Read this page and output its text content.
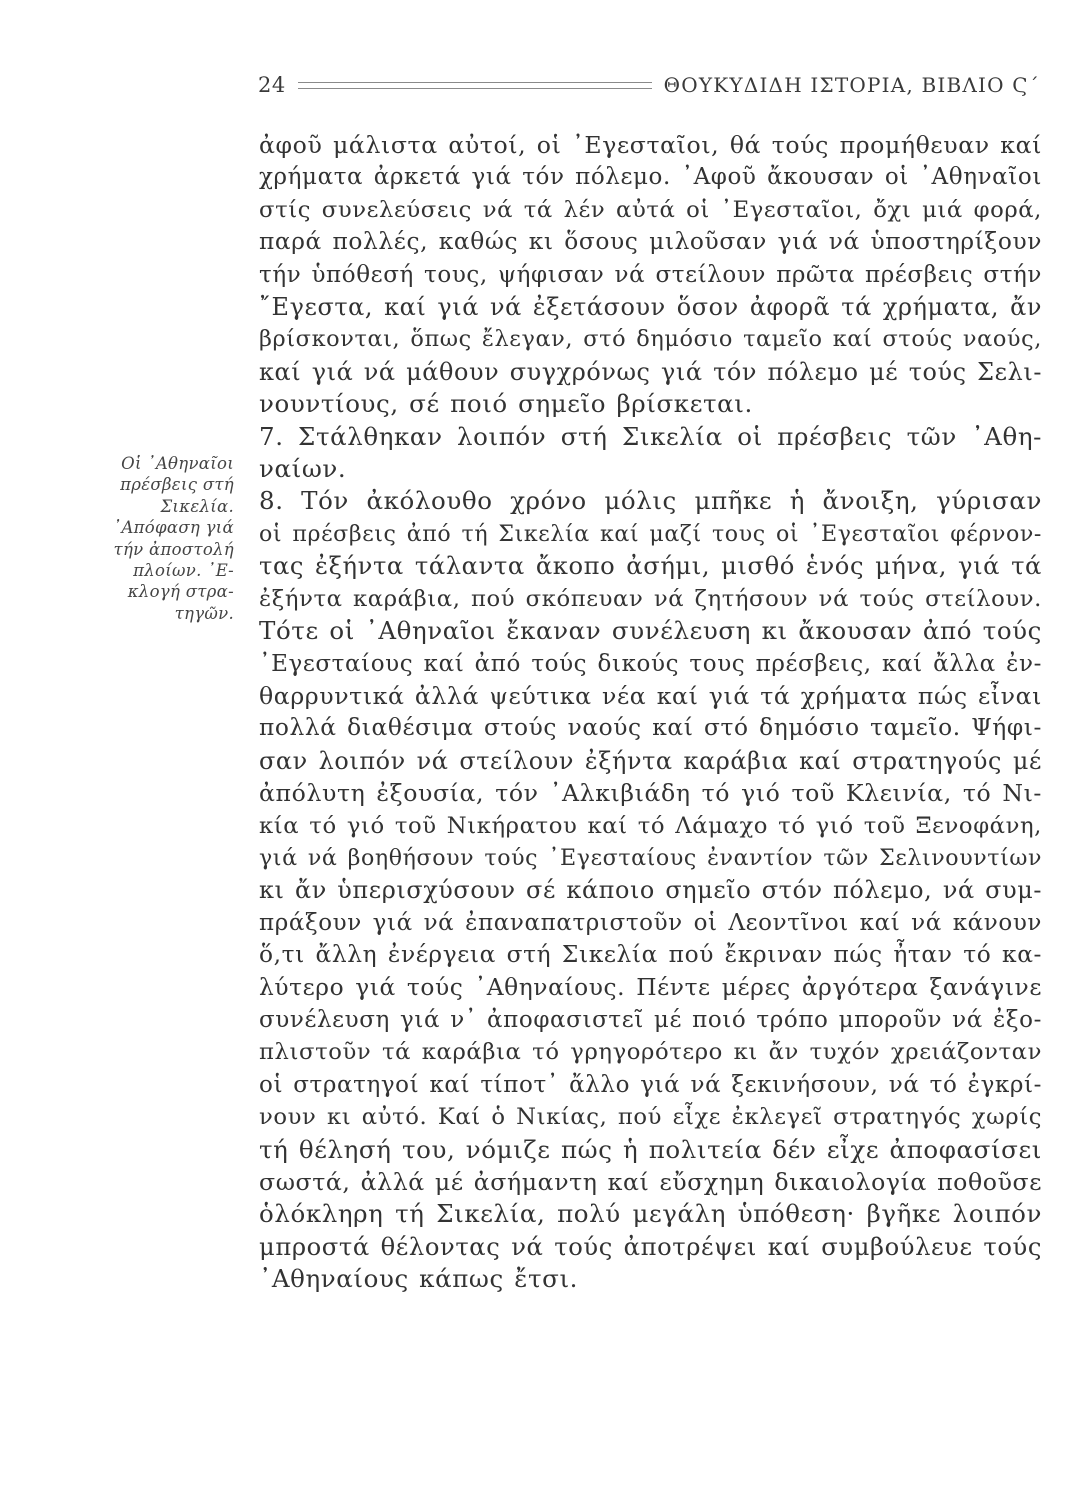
24	ΘΟΥΚΥΔΙΔΗ ΙΣΤΟΡΙΑ, ΒΙΒΛΙΟ Ϛ΄
Οἱ ᾿Αθηναῖοι
πρέσβεις στή
Σικελία.
᾿Απόφαση γιά
τήν ἀποστολή
πλοίων. ᾿Ε-
κλογή στρα-
τηγῶν.
ἀφοῦ μάλιστα αὐτοί, οἱ ᾿Εγεσταῖοι, θά τούς προμήθευαν καί
χρήματα ἀρκετά γιά τόν πόλεμο. ᾿Αφοῦ ἄκουσαν οἱ ᾿Αθηναῖοι
στίς συνελεύσεις νά τά λέν αὐτά οἱ ᾿Εγεσταῖοι, ὄχι μιά φορά,
παρά πολλές, καθώς κι ὅσους μιλοῦσαν γιά νά ὑποστηρίξουν
τήν ὑπόθεσή τους, ψήφισαν νά στείλουν πρῶτα πρέσβεις στήν
῎Εγεστα, καί γιά νά ἐξετάσουν ὅσον ἀφορᾶ τά χρήματα, ἄν
βρίσκονται, ὅπως ἔλεγαν, στό δημόσιο ταμεῖο καί στούς ναούς,
καί γιά νά μάθουν συγχρόνως γιά τόν πόλεμο μέ τούς Σελι-
νουντίους, σέ ποιό σημεῖο βρίσκεται.
7. Στάλθηκαν λοιπόν στή Σικελία οἱ πρέσβεις τῶν ᾿Αθη-
ναίων.
8. Τόν ἀκόλουθο χρόνο μόλις μπῆκε ἡ ἄνοιξη, γύρισαν
οἱ πρέσβεις ἀπό τή Σικελία καί μαζί τους οἱ ᾿Εγεσταῖοι φέρνον-
τας ἐξήντα τάλαντα ἄκοπο ἀσήμι, μισθό ἑνός μήνα, γιά τά
ἐξήντα καράβια, πού σκόπευαν νά ζητήσουν νά τούς στείλουν.
Τότε οἱ ᾿Αθηναῖοι ἔκαναν συνέλευση κι ἄκουσαν ἀπό τούς
᾿Εγεσταίους καί ἀπό τούς δικούς τους πρέσβεις, καί ἄλλα ἐν-
θαρρυντικά ἀλλά ψεύτικα νέα καί γιά τά χρήματα πώς εἶναι
πολλά διαθέσιμα στούς ναούς καί στό δημόσιο ταμεῖο. Ψήφι-
σαν λοιπόν νά στείλουν ἐξήντα καράβια καί στρατηγούς μέ
ἀπόλυτη ἐξουσία, τόν ᾿Αλκιβιάδη τό γιό τοῦ Κλεινία, τό Νι-
κία τό γιό τοῦ Νικήρατου καί τό Λάμαχο τό γιό τοῦ Ξενοφάνη,
γιά νά βοηθήσουν τούς ᾿Εγεσταίους ἐναντίον τῶν Σελινουντίων
κι ἄν ὑπερισχύσουν σέ κάποιο σημεῖο στόν πόλεμο, νά συμ-
πράξουν γιά νά ἐπαναπατριστοῦν οἱ Λεοντῖνοι καί νά κάνουν
ὅ,τι ἄλλη ἐνέργεια στή Σικελία πού ἔκριναν πώς ἦταν τό κα-
λύτερο γιά τούς ᾿Αθηναίους. Πέντε μέρες ἀργότερα ξανάγινε
συνέλευση γιά ν᾿ ἀποφασιστεῖ μέ ποιό τρόπο μποροῦν νά ἐξο-
πλιστοῦν τά καράβια τό γρηγορότερο κι ἄν τυχόν χρειάζονταν
οἱ στρατηγοί καί τίποτ᾿ ἄλλο γιά νά ξεκινήσουν, νά τό ἐγκρί-
νουν κι αὐτό. Καί ὁ Νικίας, πού εἶχε ἐκλεγεῖ στρατηγός χωρίς
τή θέλησή του, νόμιζε πώς ἡ πολιτεία δέν εἶχε ἀποφασίσει
σωστά, ἀλλά μέ ἀσήμαντη καί εὔσχημη δικαιολογία ποθοῦσε
ὁλόκληρη τή Σικελία, πολύ μεγάλη ὑπόθεση· βγῆκε λοιπόν
μπροστά θέλοντας νά τούς ἀποτρέψει καί συμβούλευε τούς
᾿Αθηναίους κάπως ἔτσι.
